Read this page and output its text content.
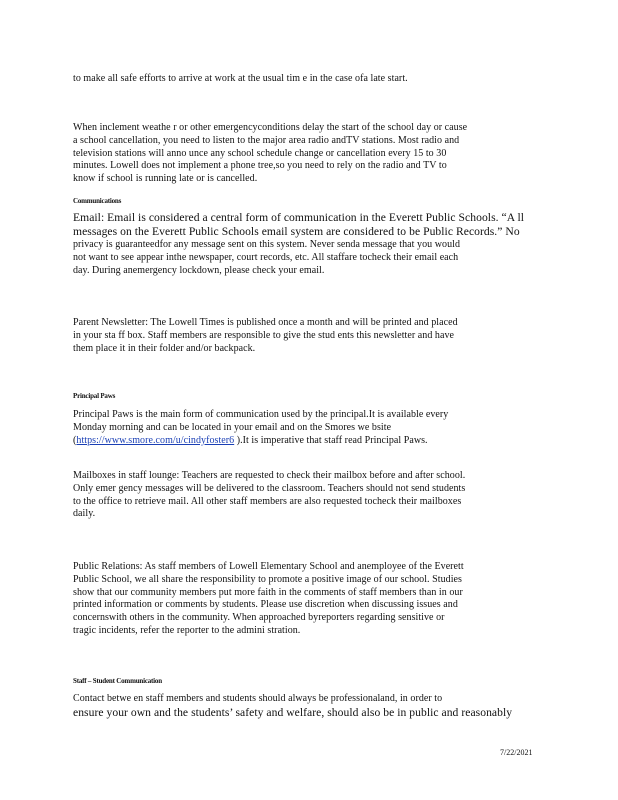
to make all safe efforts to arrive at work at the usual tim e in the case ofa late start.
When inclement weathe r or other emergencyconditions delay the start of the school day or cause
a school cancellation, you need to listen to the major area radio andTV stations. Most radio and
television stations will anno unce any school schedule change or cancellation every 15 to 30
minutes. Lowell does not implement a phone tree,so you need to rely on the radio and TV to
know if school is running late or is cancelled.
Communications
Email: Email is considered a central form of communication in the Everett Public Schools. “A ll
messages on the Everett Public Schools email system are considered to be Public Records.” No
privacy is guaranteedfor any message sent on this system. Never senda message that you would
not want to see appear inthe newspaper, court records, etc. All staffare tocheck their email each
day. During anemergency lockdown, please check your email.
Parent Newsletter: The Lowell Times is published once a month and will be printed and placed
in your sta ff box. Staff members are responsible to give the stud ents this newsletter and have
them place it in their folder and/or backpack.
Principal Paws
Principal Paws is the main form of communication used by the principal.It is available every
Monday morning and can be located in your email and on the Smores we bsite
(https://www.smore.com/u/cindyfoster6 ).It is imperative that staff read Principal Paws.
Mailboxes in staff lounge: Teachers are requested to check their mailbox before and after school.
Only emer gency messages will be delivered to the classroom. Teachers should not send students
to the office to retrieve mail. All other staff members are also requested tocheck their mailboxes
daily.
Public Relations: As staff members of Lowell Elementary School and anemployee of the Everett
Public School, we all share the responsibility to promote a positive image of our school. Studies
show that our community members put more faith in the comments of staff members than in our
printed information or comments by students. Please use discretion when discussing issues and
concernswith others in the community. When approached byreporters regarding sensitive or
tragic incidents, refer the reporter to the admini stration.
Staff – Student Communication
Contact betwe en staff members and students should always be professionaland, in order to
ensure your own and the students’ safety and welfare, should also be in public and reasonably
7/22/2021
